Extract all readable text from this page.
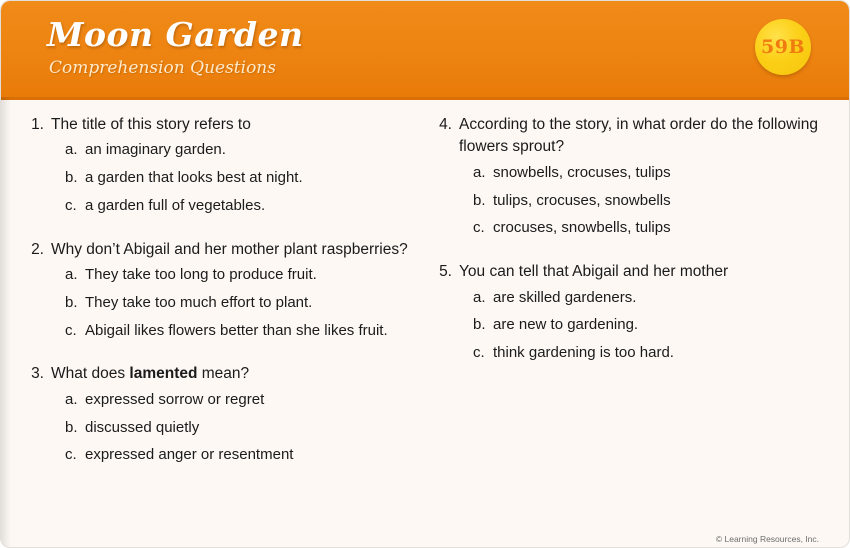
Moon Garden
Comprehension Questions
59B
1. The title of this story refers to
a. an imaginary garden.
b. a garden that looks best at night.
c. a garden full of vegetables.
2. Why don’t Abigail and her mother plant raspberries?
a. They take too long to produce fruit.
b. They take too much effort to plant.
c. Abigail likes flowers better than she likes fruit.
3. What does lamented mean?
a. expressed sorrow or regret
b. discussed quietly
c. expressed anger or resentment
4. According to the story, in what order do the following flowers sprout?
a. snowbells, crocuses, tulips
b. tulips, crocuses, snowbells
c. crocuses, snowbells, tulips
5. You can tell that Abigail and her mother
a. are skilled gardeners.
b. are new to gardening.
c. think gardening is too hard.
© Learning Resources, Inc.
